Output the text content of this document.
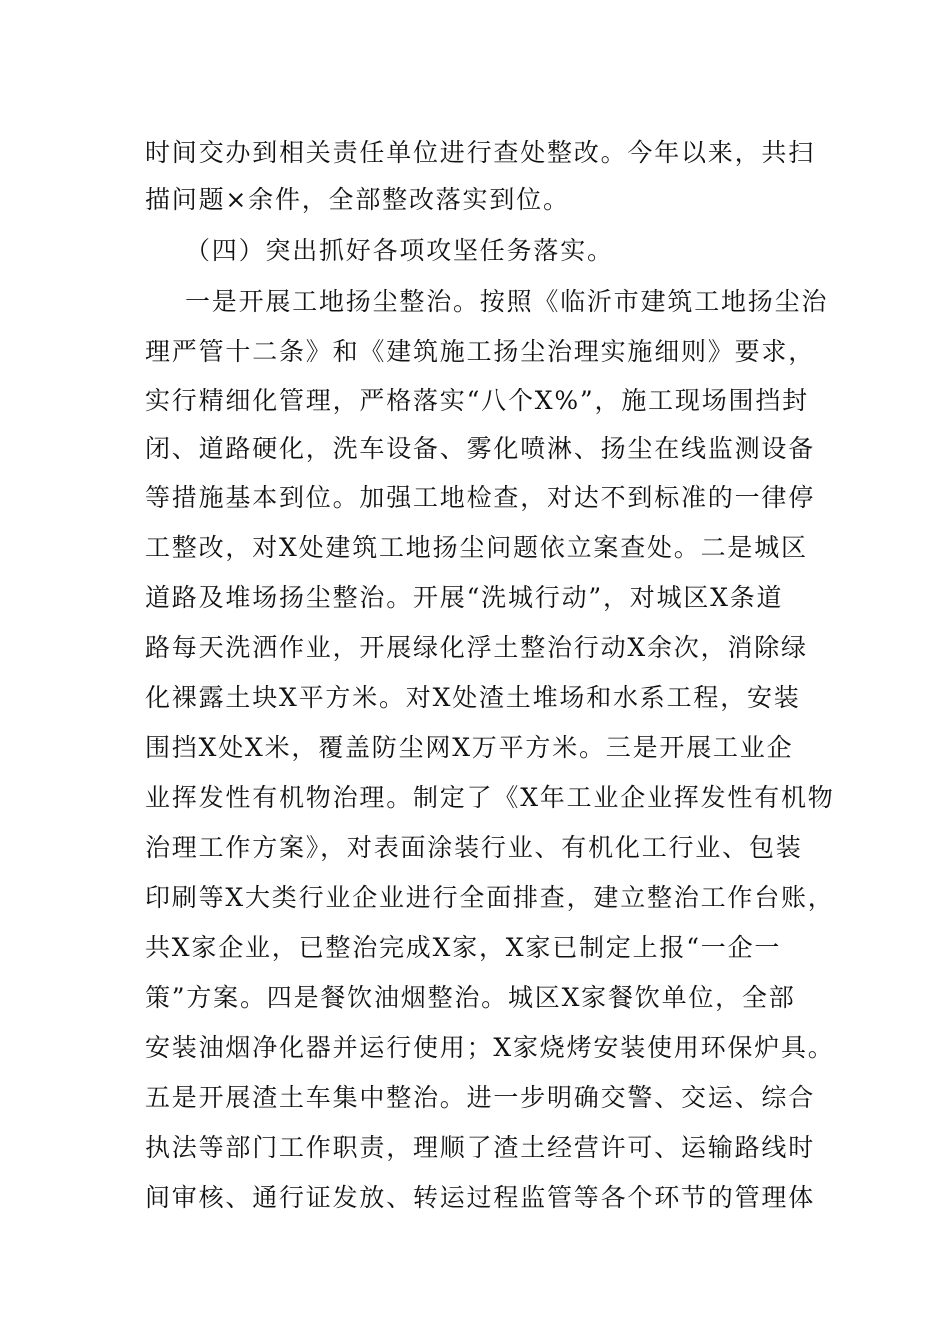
时间交办到相关责任单位进行查处整改。今年以来，共扫
描问题×余件，全部整改落实到位。
（四）突出抓好各项攻坚任务落实。
一是开展工地扬尘整治。按照《临沂市建筑工地扬尘治
理严管十二条》和《建筑施工扬尘治理实施细则》要求，
实行精细化管理，严格落实“八个X%”，施工现场围挡封
闭、道路硬化，洗车设备、雾化喷淋、扬尘在线监测设备
等措施基本到位。加强工地检查，对达不到标准的一律停
工整改，对X处建筑工地扬尘问题依立案查处。二是城区
道路及堆场扬尘整治。开展“洗城行动”，对城区X条道
路每天洗洒作业，开展绿化浮土整治行动X余次，消除绿
化裸露土块X平方米。对X处渣土堆场和水系工程，安装
围挡X处X米，覆盖防尘网X万平方米。三是开展工业企
业挥发性有机物治理。制定了《X年工业企业挥发性有机物
治理工作方案》，对表面涂装行业、有机化工行业、包装
印刷等X大类行业企业进行全面排查，建立整治工作台账，
共X家企业，已整治完成X家，X家已制定上报“一企一
策”方案。四是餐饮油烟整治。城区X家餐饮单位，全部
安装油烟净化器并运行使用；X家烧烤安装使用环保炉具。
五是开展渣土车集中整治。进一步明确交警、交运、综合
执法等部门工作职责，理顺了渣土经营许可、运输路线时
间审核、通行证发放、转运过程监管等各个环节的管理体
